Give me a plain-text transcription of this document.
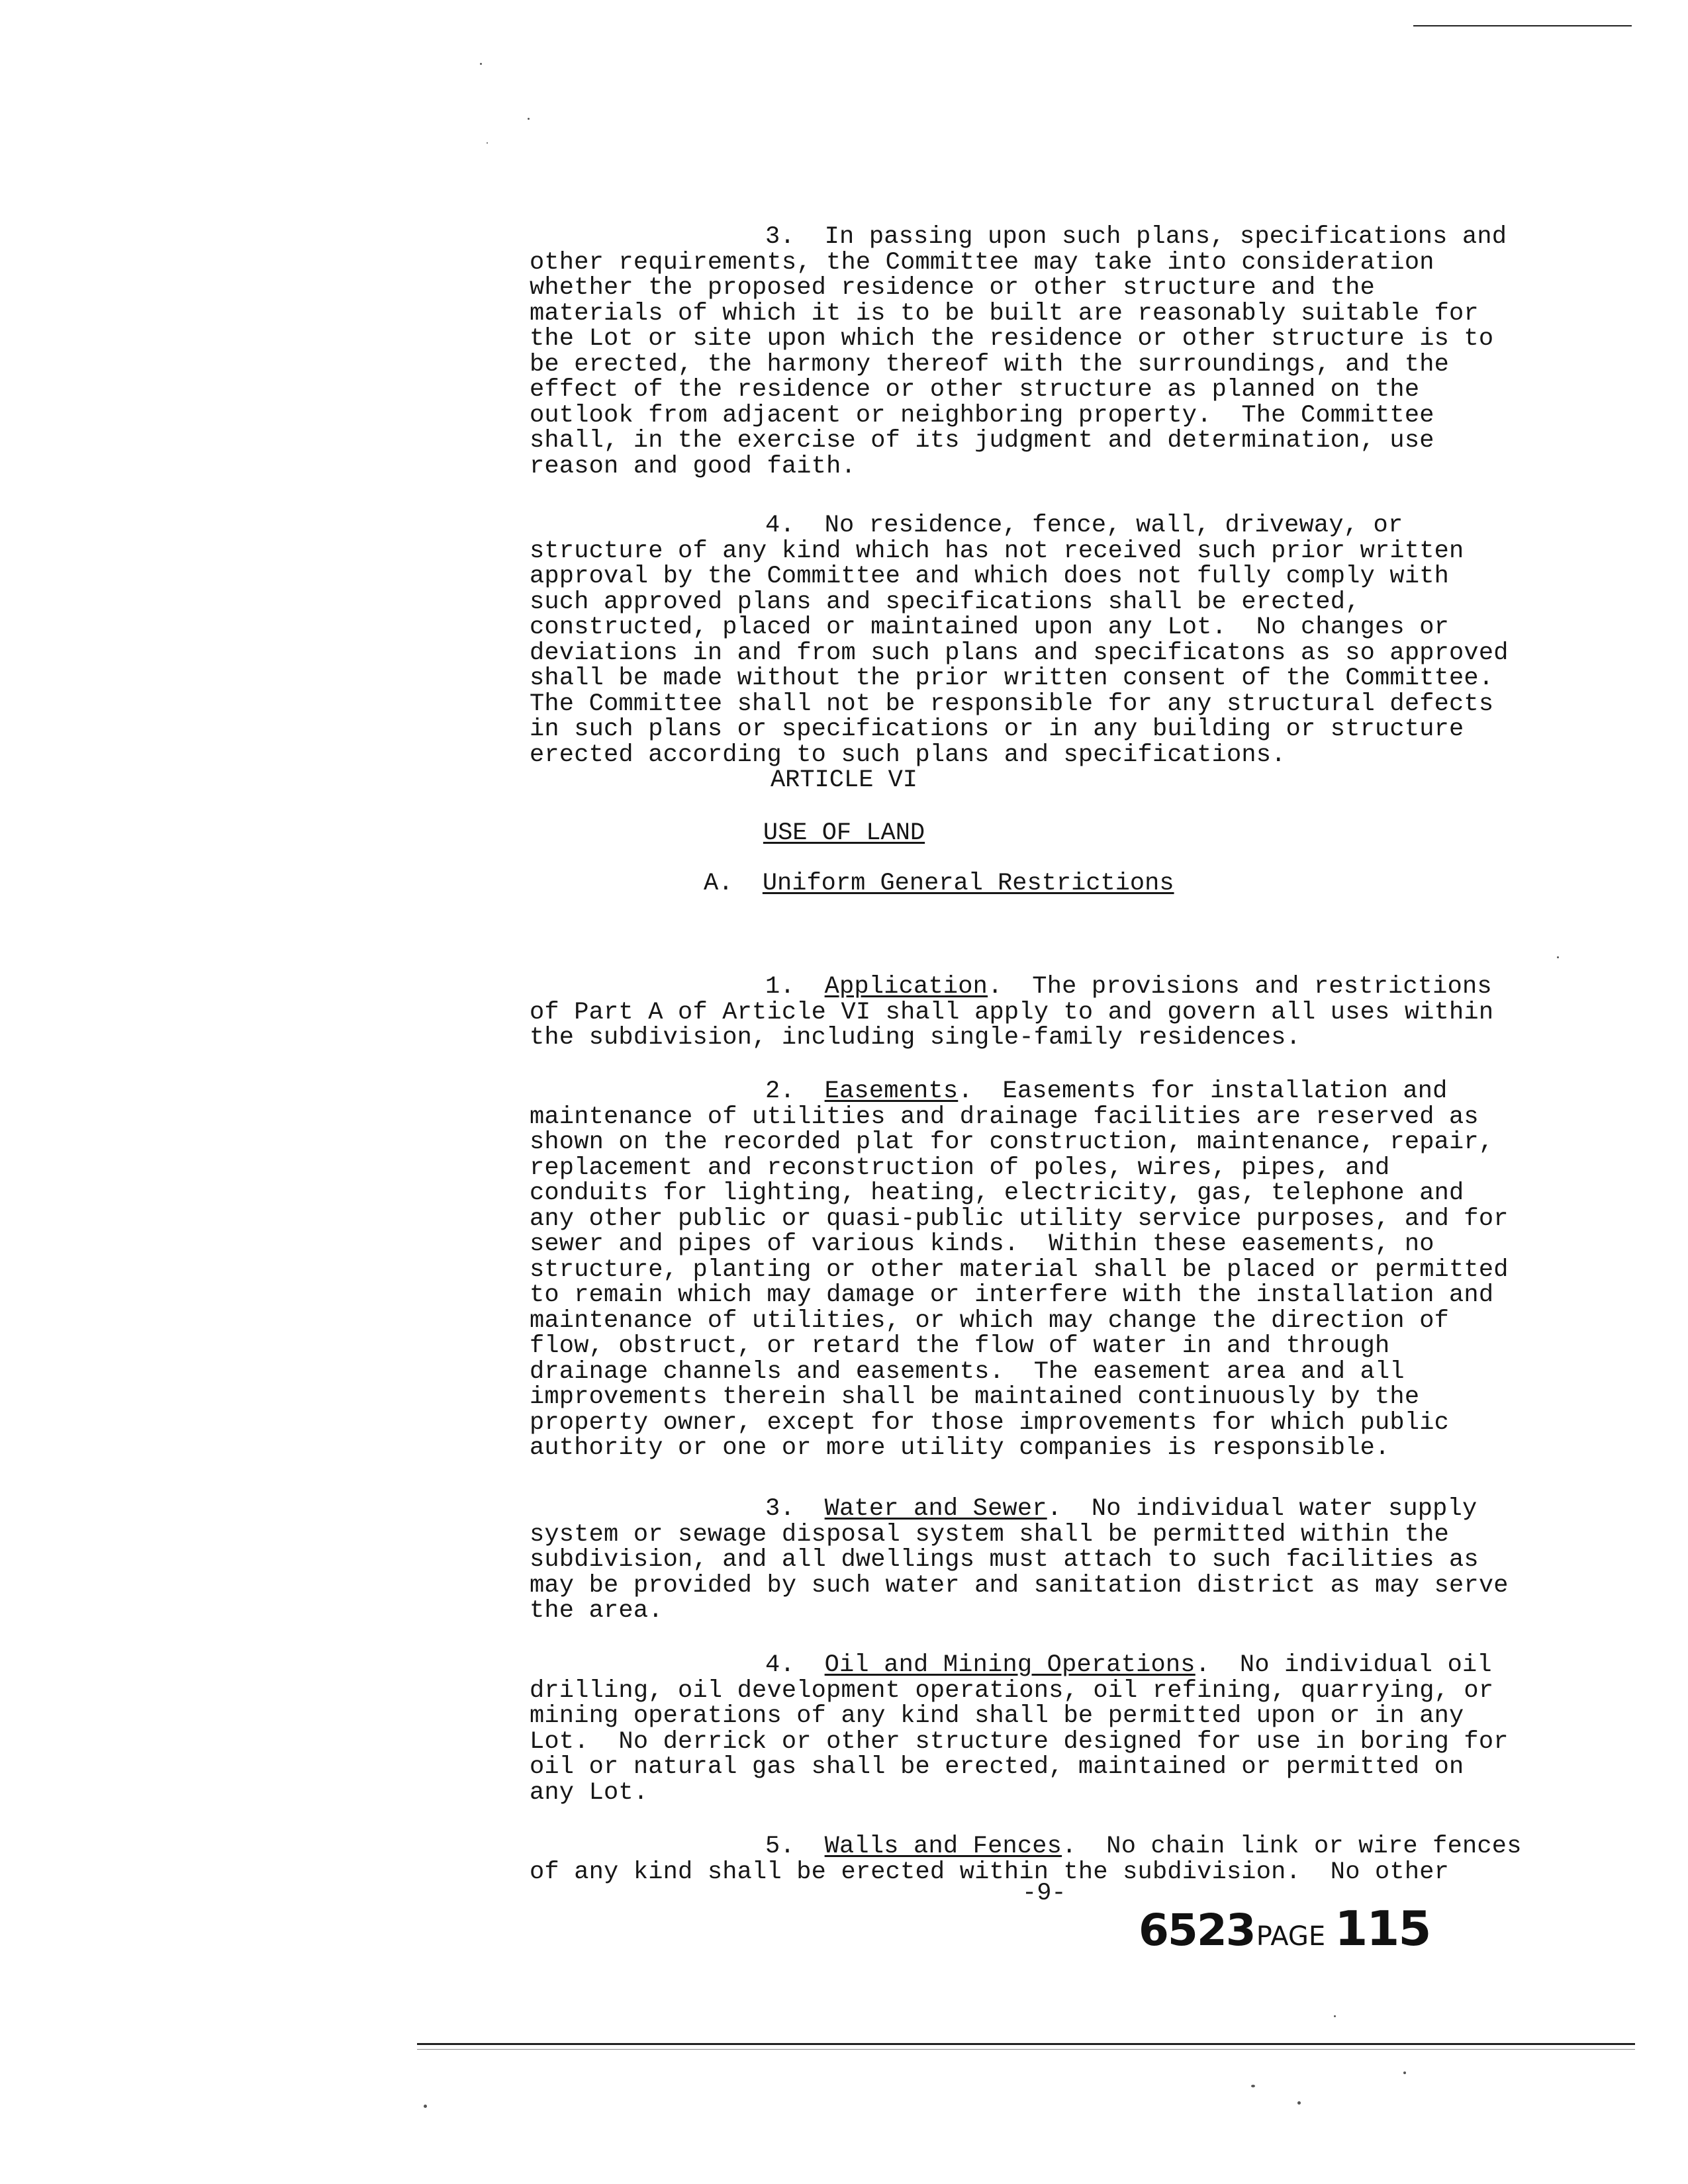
3.  In passing upon such plans, specifications and
other requirements, the Committee may take into consideration
whether the proposed residence or other structure and the
materials of which it is to be built are reasonably suitable for
the Lot or site upon which the residence or other structure is to
be erected, the harmony thereof with the surroundings, and the
effect of the residence or other structure as planned on the
outlook from adjacent or neighboring property.  The Committee
shall, in the exercise of its judgment and determination, use
reason and good faith.

4.  No residence, fence, wall, driveway, or
structure of any kind which has not received such prior written
approval by the Committee and which does not fully comply with
such approved plans and specifications shall be erected,
constructed, placed or maintained upon any Lot.  No changes or
deviations in and from such plans and specificatons as so approved
shall be made without the prior written consent of the Committee.
The Committee shall not be responsible for any structural defects
in such plans or specifications or in any building or structure
erected according to such plans and specifications.

ARTICLE VI
USE OF LAND
A. Uniform General Restrictions

1. Application.  The provisions and restrictions
of Part A of Article VI shall apply to and govern all uses within
the subdivision, including single-family residences.

2. Easements.  Easements for installation and
maintenance of utilities and drainage facilities are reserved as
shown on the recorded plat for construction, maintenance, repair,
replacement and reconstruction of poles, wires, pipes, and
conduits for lighting, heating, electricity, gas, telephone and
any other public or quasi-public utility service purposes, and for
sewer and pipes of various kinds.  Within these easements, no
structure, planting or other material shall be placed or permitted
to remain which may damage or interfere with the installation and
maintenance of utilities, or which may change the direction of
flow, obstruct, or retard the flow of water in and through
drainage channels and easements.  The easement area and all
improvements therein shall be maintained continuously by the
property owner, except for those improvements for which public
authority or one or more utility companies is responsible.

3. Water and Sewer.  No individual water supply
system or sewage disposal system shall be permitted within the
subdivision, and all dwellings must attach to such facilities as
may be provided by such water and sanitation district as may serve
the area.

4. Oil and Mining Operations.  No individual oil
drilling, oil development operations, oil refining, quarrying, or
mining operations of any kind shall be permitted upon or in any
Lot.  No derrick or other structure designed for use in boring for
oil or natural gas shall be erected, maintained or permitted on
any Lot.

5. Walls and Fences.  No chain link or wire fences
of any kind shall be erected within the subdivision.  No other

-9-
6523PAGE 115
